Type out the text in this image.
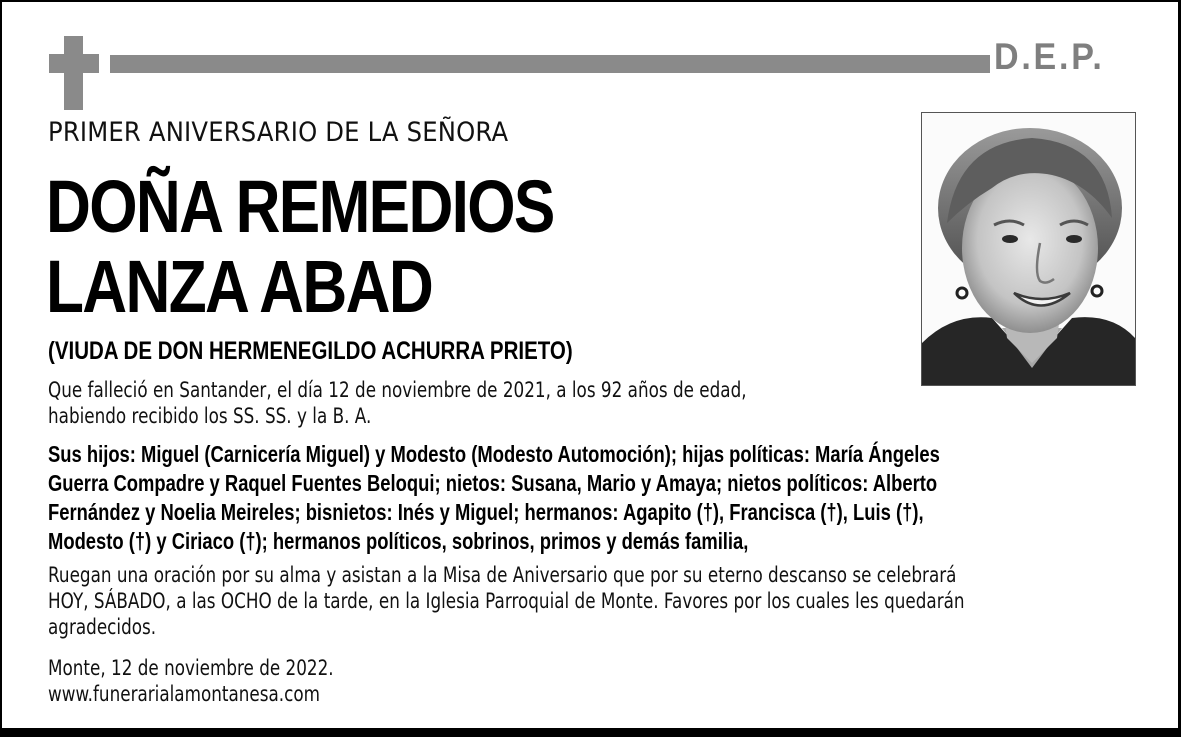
D.E.P.
PRIMER ANIVERSARIO DE LA SEÑORA
DOÑA REMEDIOS
LANZA ABAD
(VIUDA DE DON HERMENEGILDO ACHURRA PRIETO)
Que falleció en Santander, el día 12 de noviembre de 2021, a los 92 años de edad,
habiendo recibido los SS. SS. y la B. A.
Sus hijos: Miguel (Carnicería Miguel) y Modesto (Modesto Automoción); hijas políticas: María Ángeles
Guerra Compadre y Raquel Fuentes Beloqui; nietos: Susana, Mario y Amaya; nietos políticos: Alberto
Fernández y Noelia Meireles; bisnietos: Inés y Miguel; hermanos: Agapito (†), Francisca (†), Luis (†),
Modesto (†) y Ciriaco (†); hermanos políticos, sobrinos, primos y demás familia,
Ruegan una oración por su alma y asistan a la Misa de Aniversario que por su eterno descanso se celebrará
HOY, SÁBADO, a las OCHO de la tarde, en la Iglesia Parroquial de Monte. Favores por los cuales les quedarán
agradecidos.
Monte, 12 de noviembre de 2022.
www.funerarialamontanesa.com
